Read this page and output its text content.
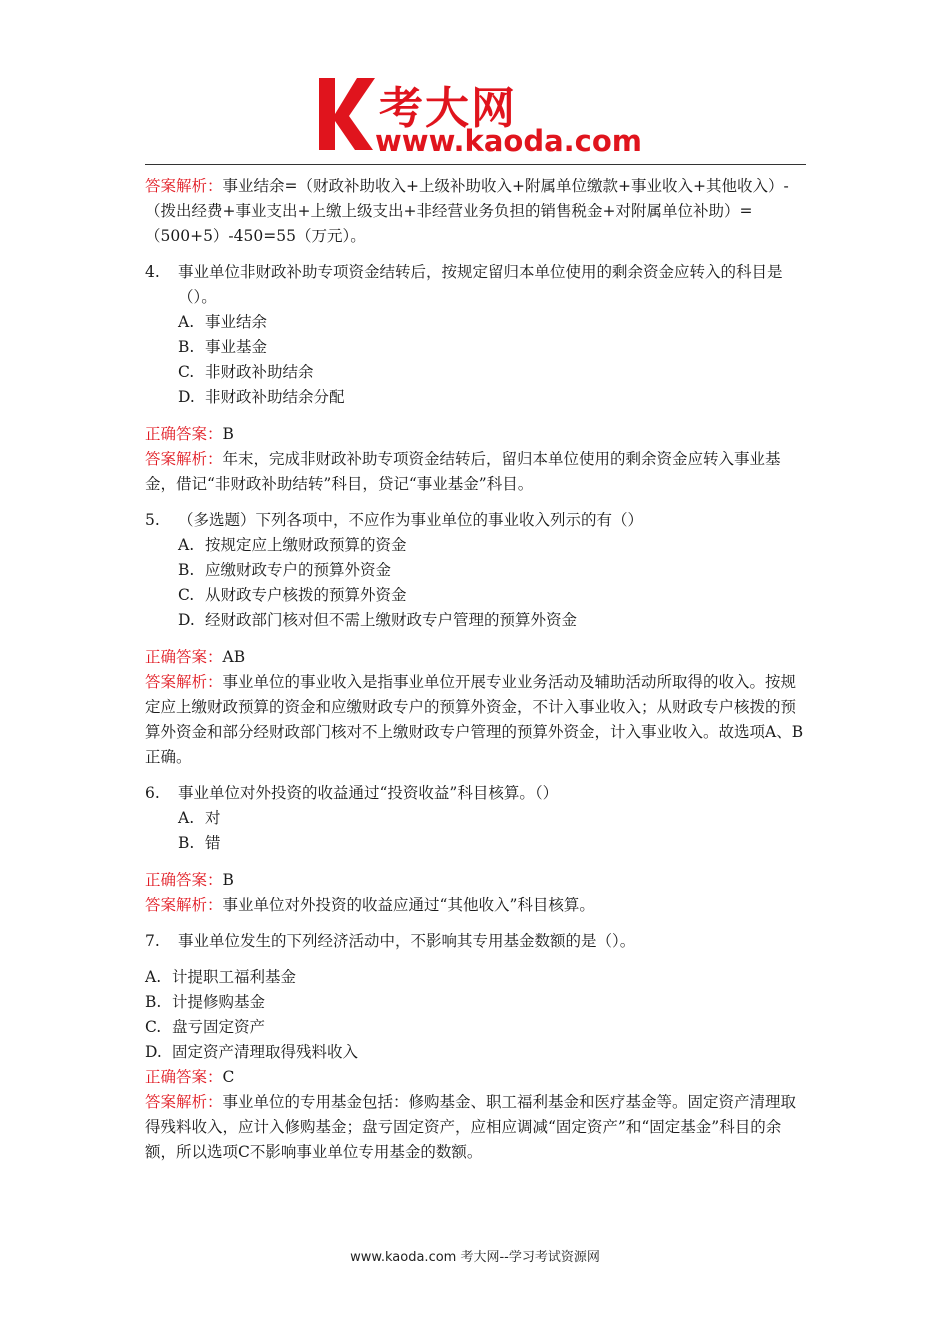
考大网
www.kaoda.com

答案解析：事业结余=（财政补助收入+上级补助收入+附属单位缴款+事业收入+其他收入）-（拨出经费+事业支出+上缴上级支出+非经营业务负担的销售税金+对附属单位补助）=（500+5）-450=55（万元）。

4.	事业单位非财政补助专项资金结转后，按规定留归本单位使用的剩余资金应转入的科目是（）。
A. 事业结余
B. 事业基金
C. 非财政补助结余
D. 非财政补助结余分配

正确答案：B

答案解析：年末，完成非财政补助专项资金结转后，留归本单位使用的剩余资金应转入事业基金，借记“非财政补助结转”科目，贷记“事业基金”科目。

5.	（多选题）下列各项中，不应作为事业单位的事业收入列示的有（）
A. 按规定应上缴财政预算的资金
B. 应缴财政专户的预算外资金
C. 从财政专户核拨的预算外资金
D. 经财政部门核对但不需上缴财政专户管理的预算外资金

正确答案：AB

答案解析：事业单位的事业收入是指事业单位开展专业业务活动及辅助活动所取得的收入。按规定应上缴财政预算的资金和应缴财政专户的预算外资金，不计入事业收入；从财政专户核拨的预算外资金和部分经财政部门核对不上缴财政专户管理的预算外资金，计入事业收入。故选项A、B正确。

6.	事业单位对外投资的收益通过“投资收益”科目核算。（）
A. 对
B. 错

正确答案：B

答案解析：事业单位对外投资的收益应通过“其他收入”科目核算。

7.	事业单位发生的下列经济活动中，不影响其专用基金数额的是（）。
A. 计提职工福利基金
B. 计提修购基金
C. 盘亏固定资产
D. 固定资产清理取得残料收入

正确答案：C

答案解析：事业单位的专用基金包括：修购基金、职工福利基金和医疗基金等。固定资产清理取得残料收入，应计入修购基金；盘亏固定资产，应相应调减“固定资产”和“固定基金”科目的余额，所以选项C不影响事业单位专用基金的数额。

www.kaoda.com 考大网--学习考试资源网
